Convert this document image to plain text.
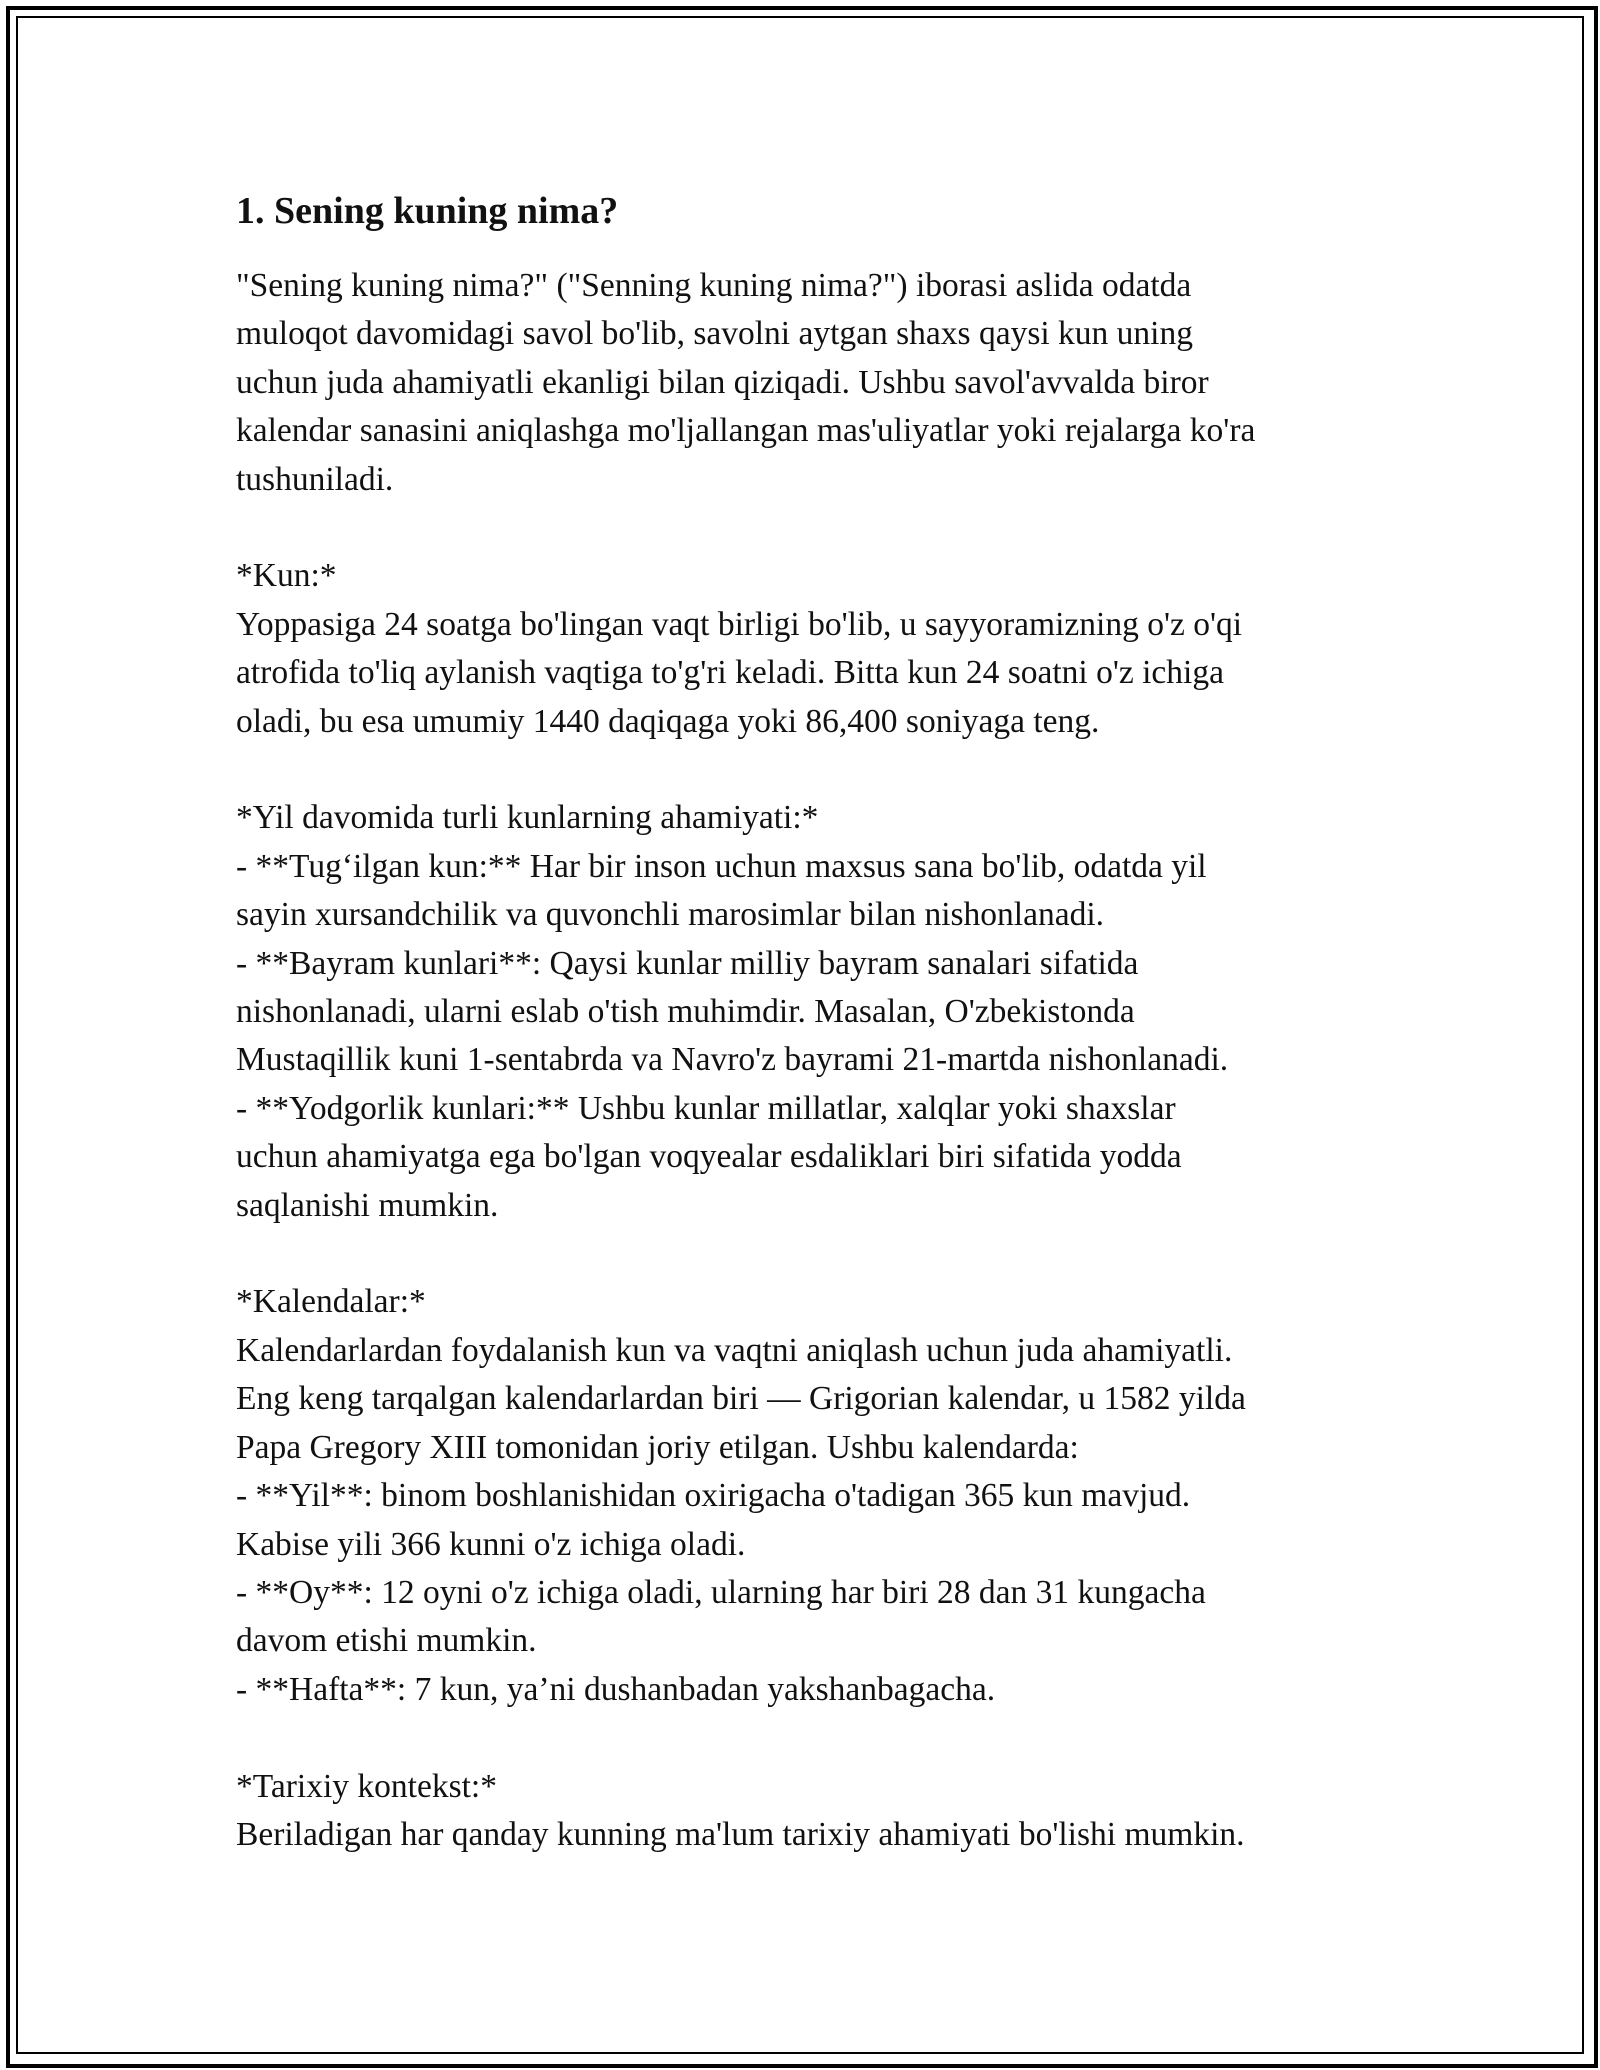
1. Sening kuning nima?

"Sening kuning nima?" ("Senning kuning nima?") iborasi aslida odatda

muloqot davomidagi savol bo'lib, savolni aytgan shaxs qaysi kun uning

uchun juda ahamiyatli ekanligi bilan qiziqadi. Ushbu savol'avvalda biror

kalendar sanasini aniqlashga mo'ljallangan mas'uliyatlar yoki rejalarga ko'ra

tushuniladi.

*Kun:*

Yoppasiga 24 soatga bo'lingan vaqt birligi bo'lib, u sayyoramizning o'z o'qi

atrofida to'liq aylanish vaqtiga to'g'ri keladi. Bitta kun 24 soatni o'z ichiga

oladi, bu esa umumiy 1440 daqiqaga yoki 86,400 soniyaga teng.

*Yil davomida turli kunlarning ahamiyati:*

- **Tug‘ilgan kun:** Har bir inson uchun maxsus sana bo'lib, odatda yil

sayin xursandchilik va quvonchli marosimlar bilan nishonlanadi.

- **Bayram kunlari**: Qaysi kunlar milliy bayram sanalari sifatida

nishonlanadi, ularni eslab o'tish muhimdir. Masalan, O'zbekistonda

Mustaqillik kuni 1-sentabrda va Navro'z bayrami 21-martda nishonlanadi.

- **Yodgorlik kunlari:** Ushbu kunlar millatlar, xalqlar yoki shaxslar

uchun ahamiyatga ega bo'lgan voqyealar esdaliklari biri sifatida yodda

saqlanishi mumkin.

*Kalendalar:*

Kalendarlardan foydalanish kun va vaqtni aniqlash uchun juda ahamiyatli.

Eng keng tarqalgan kalendarlardan biri — Grigorian kalendar, u 1582 yilda

Papa Gregory XIII tomonidan joriy etilgan. Ushbu kalendarda:

- **Yil**: binom boshlanishidan oxirigacha o'tadigan 365 kun mavjud.

Kabise yili 366 kunni o'z ichiga oladi.

- **Oy**: 12 oyni o'z ichiga oladi, ularning har biri 28 dan 31 kungacha

davom etishi mumkin.

- **Hafta**: 7 kun, ya’ni dushanbadan yakshanbagacha.

*Tarixiy kontekst:*

Beriladigan har qanday kunning ma'lum tarixiy ahamiyati bo'lishi mumkin.
